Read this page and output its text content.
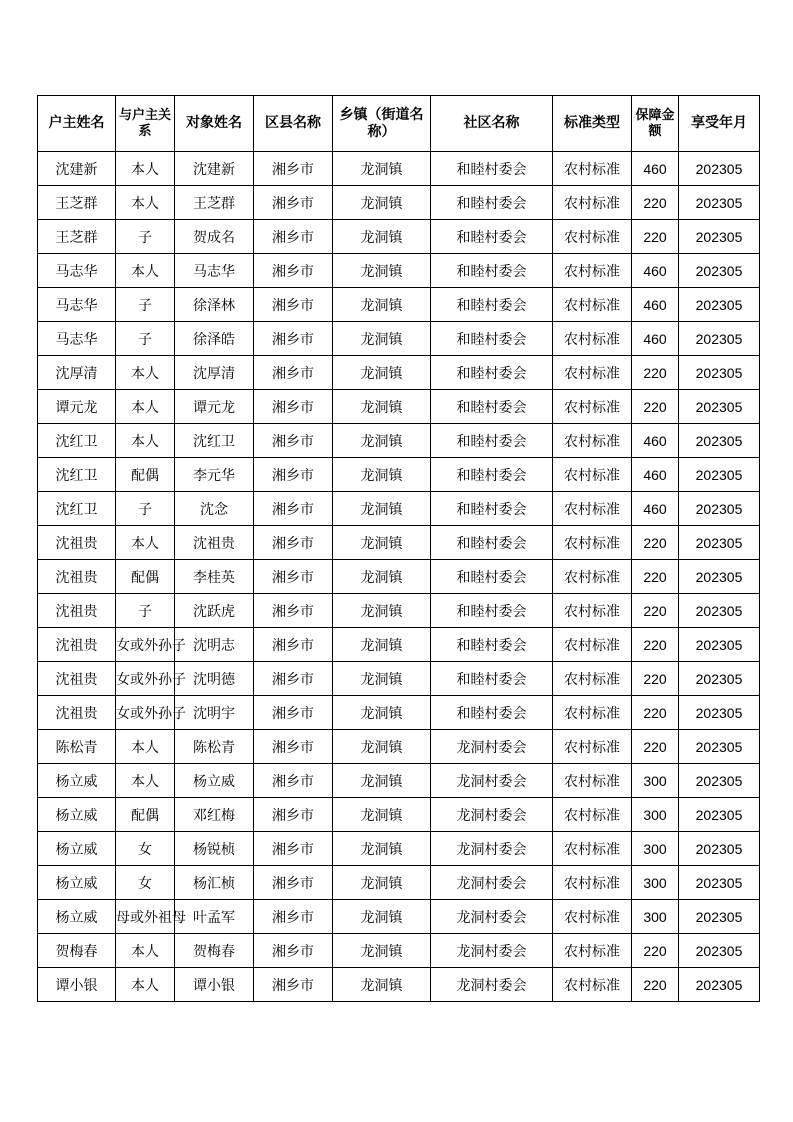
户主姓名	与户主关系	对象姓名	区县名称	乡镇（街道名称）	社区名称	标准类型	保障金额	享受年月
沈建新	本人	沈建新	湘乡市	龙洞镇	和睦村委会	农村标准	460	202305
王芝群	本人	王芝群	湘乡市	龙洞镇	和睦村委会	农村标准	220	202305
王芝群	子	贺成名	湘乡市	龙洞镇	和睦村委会	农村标准	220	202305
马志华	本人	马志华	湘乡市	龙洞镇	和睦村委会	农村标准	460	202305
马志华	子	徐泽林	湘乡市	龙洞镇	和睦村委会	农村标准	460	202305
马志华	子	徐泽皓	湘乡市	龙洞镇	和睦村委会	农村标准	460	202305
沈厚清	本人	沈厚清	湘乡市	龙洞镇	和睦村委会	农村标准	220	202305
谭元龙	本人	谭元龙	湘乡市	龙洞镇	和睦村委会	农村标准	220	202305
沈红卫	本人	沈红卫	湘乡市	龙洞镇	和睦村委会	农村标准	460	202305
沈红卫	配偶	李元华	湘乡市	龙洞镇	和睦村委会	农村标准	460	202305
沈红卫	子	沈念	湘乡市	龙洞镇	和睦村委会	农村标准	460	202305
沈祖贵	本人	沈祖贵	湘乡市	龙洞镇	和睦村委会	农村标准	220	202305
沈祖贵	配偶	李桂英	湘乡市	龙洞镇	和睦村委会	农村标准	220	202305
沈祖贵	子	沈跃虎	湘乡市	龙洞镇	和睦村委会	农村标准	220	202305
沈祖贵	女或外孙子	沈明志	湘乡市	龙洞镇	和睦村委会	农村标准	220	202305
沈祖贵	女或外孙子	沈明德	湘乡市	龙洞镇	和睦村委会	农村标准	220	202305
沈祖贵	女或外孙子	沈明宇	湘乡市	龙洞镇	和睦村委会	农村标准	220	202305
陈松青	本人	陈松青	湘乡市	龙洞镇	龙洞村委会	农村标准	220	202305
杨立威	本人	杨立威	湘乡市	龙洞镇	龙洞村委会	农村标准	300	202305
杨立威	配偶	邓红梅	湘乡市	龙洞镇	龙洞村委会	农村标准	300	202305
杨立威	女	杨锐桢	湘乡市	龙洞镇	龙洞村委会	农村标准	300	202305
杨立威	女	杨汇桢	湘乡市	龙洞镇	龙洞村委会	农村标准	300	202305
杨立威	母或外祖母	叶孟军	湘乡市	龙洞镇	龙洞村委会	农村标准	300	202305
贺梅春	本人	贺梅春	湘乡市	龙洞镇	龙洞村委会	农村标准	220	202305
谭小银	本人	谭小银	湘乡市	龙洞镇	龙洞村委会	农村标准	220	202305
